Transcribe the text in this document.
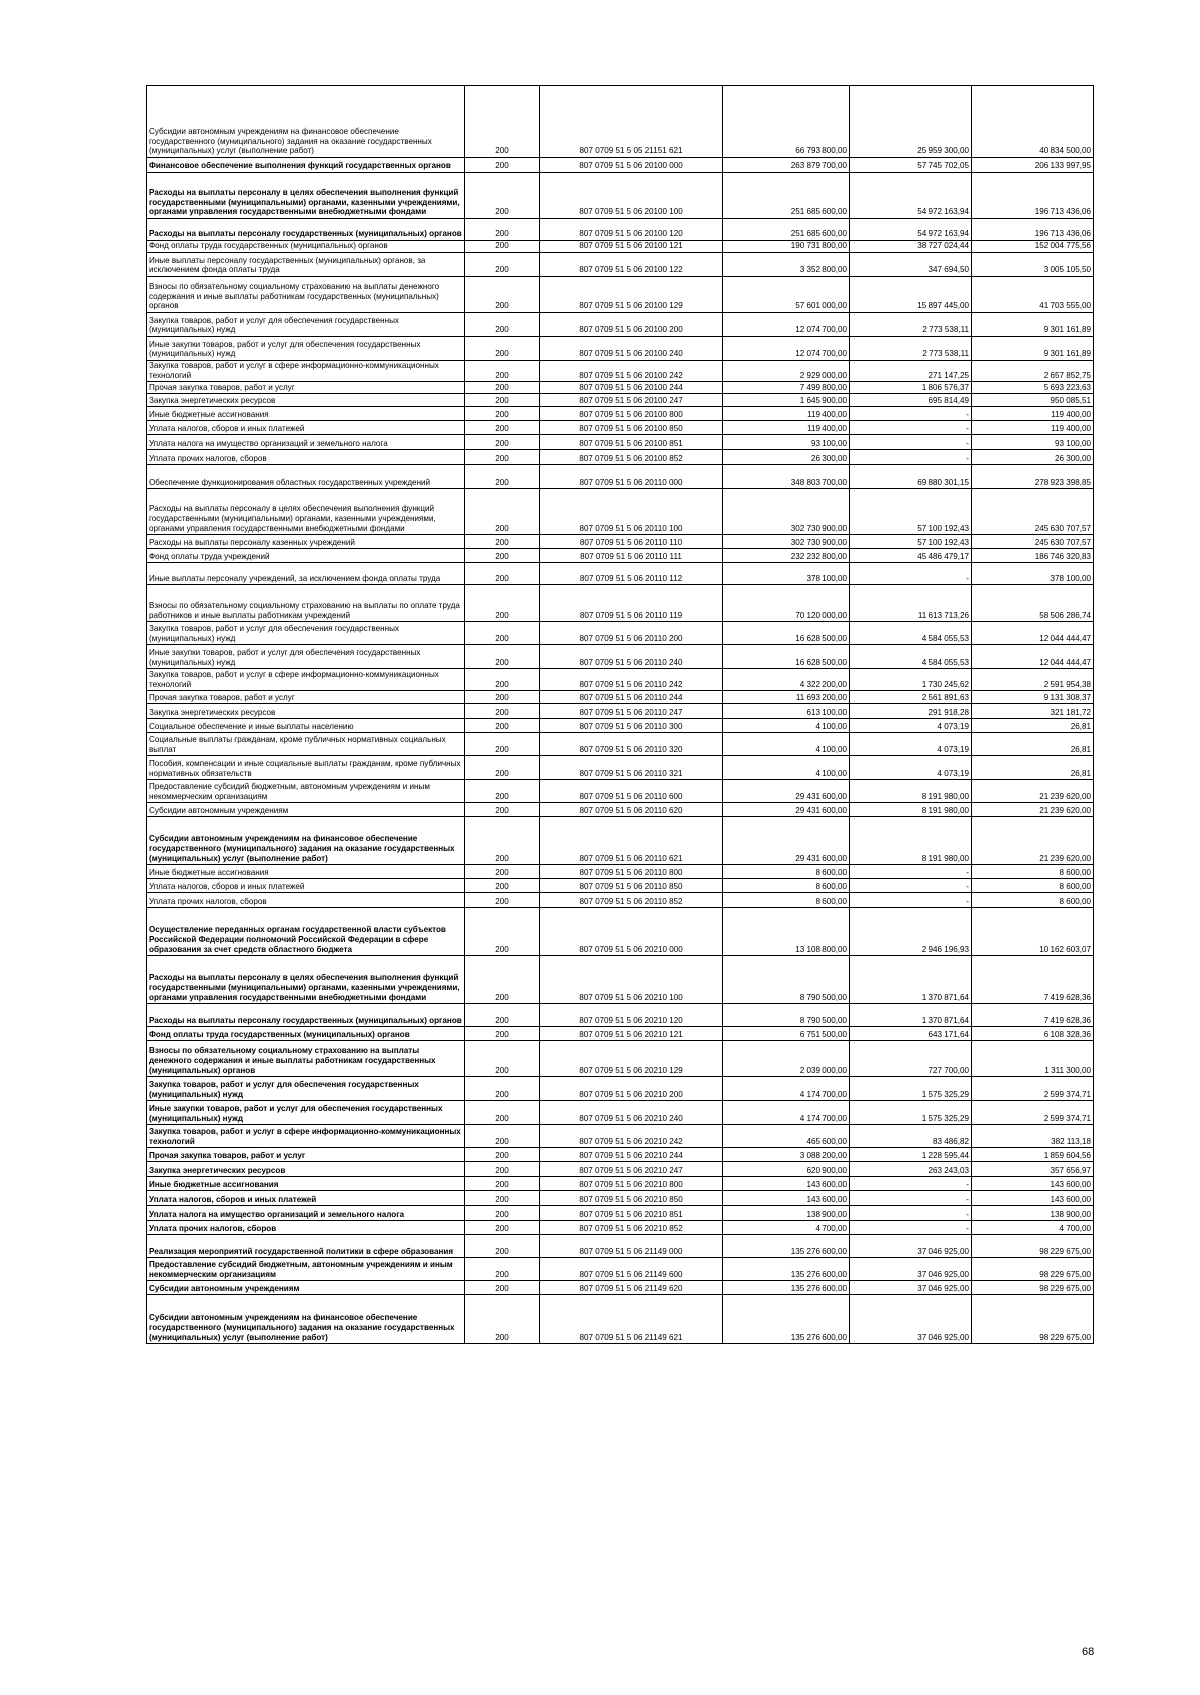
Субсидии автономным учреждениям на финансовое обеспечение государственного (муниципального) задания на оказание государственных (муниципальных) услуг (выполнение работ)	200	807 0709 51 5 05 21151 621	66 793 800,00	25 959 300,00	40 834 500,00
Финансовое обеспечение выполнения функций государственных органов	200	807 0709 51 5 06 20100 000	263 879 700,00	57 745 702,05	206 133 997,95
Расходы на выплаты персоналу в целях обеспечения выполнения функций государственными (муниципальными) органами, казенными учреждениями, органами управления государственными внебюджетными фондами	200	807 0709 51 5 06 20100 100	251 685 600,00	54 972 163,94	196 713 436,06
Расходы на выплаты персоналу государственных (муниципальных) органов	200	807 0709 51 5 06 20100 120	251 685 600,00	54 972 163,94	196 713 436,06
Фонд оплаты труда государственных (муниципальных) органов	200	807 0709 51 5 06 20100 121	190 731 800,00	38 727 024,44	152 004 775,56
Иные выплаты персоналу государственных (муниципальных) органов, за исключением фонда оплаты труда	200	807 0709 51 5 06 20100 122	3 352 800,00	347 694,50	3 005 105,50
Взносы по обязательному социальному страхованию на выплаты денежного содержания и иные выплаты работникам государственных (муниципальных) органов	200	807 0709 51 5 06 20100 129	57 601 000,00	15 897 445,00	41 703 555,00
Закупка товаров, работ и услуг для обеспечения государственных (муниципальных) нужд	200	807 0709 51 5 06 20100 200	12 074 700,00	2 773 538,11	9 301 161,89
Иные закупки товаров, работ и услуг для обеспечения государственных (муниципальных) нужд	200	807 0709 51 5 06 20100 240	12 074 700,00	2 773 538,11	9 301 161,89
Закупка товаров, работ и услуг в сфере информационно-коммуникационных технологий	200	807 0709 51 5 06 20100 242	2 929 000,00	271 147,25	2 657 852,75
Прочая закупка товаров, работ и услуг	200	807 0709 51 5 06 20100 244	7 499 800,00	1 806 576,37	5 693 223,63
Закупка энергетических ресурсов	200	807 0709 51 5 06 20100 247	1 645 900,00	695 814,49	950 085,51
Иные бюджетные ассигнования	200	807 0709 51 5 06 20100 800	119 400,00	-	119 400,00
Уплата налогов, сборов и иных платежей	200	807 0709 51 5 06 20100 850	119 400,00	-	119 400,00
Уплата налога на имущество организаций и земельного налога	200	807 0709 51 5 06 20100 851	93 100,00	-	93 100,00
Уплата прочих налогов, сборов	200	807 0709 51 5 06 20100 852	26 300,00	-	26 300,00
Обеспечение функционирования областных государственных учреждений	200	807 0709 51 5 06 20110 000	348 803 700,00	69 880 301,15	278 923 398,85
Расходы на выплаты персоналу в целях обеспечения выполнения функций государственными (муниципальными) органами, казенными учреждениями, органами управления государственными внебюджетными фондами	200	807 0709 51 5 06 20110 100	302 730 900,00	57 100 192,43	245 630 707,57
Расходы на выплаты персоналу казенных учреждений	200	807 0709 51 5 06 20110 110	302 730 900,00	57 100 192,43	245 630 707,57
Фонд оплаты труда учреждений	200	807 0709 51 5 06 20110 111	232 232 800,00	45 486 479,17	186 746 320,83
Иные выплаты персоналу учреждений, за исключением фонда оплаты труда	200	807 0709 51 5 06 20110 112	378 100,00	-	378 100,00
Взносы по обязательному социальному страхованию на выплаты по оплате труда работников и иные выплаты работникам учреждений	200	807 0709 51 5 06 20110 119	70 120 000,00	11 613 713,26	58 506 286,74
Закупка товаров, работ и услуг для обеспечения государственных (муниципальных) нужд	200	807 0709 51 5 06 20110 200	16 628 500,00	4 584 055,53	12 044 444,47
Иные закупки товаров, работ и услуг для обеспечения государственных (муниципальных) нужд	200	807 0709 51 5 06 20110 240	16 628 500,00	4 584 055,53	12 044 444,47
Закупка товаров, работ и услуг в сфере информационно-коммуникационных технологий	200	807 0709 51 5 06 20110 242	4 322 200,00	1 730 245,62	2 591 954,38
Прочая закупка товаров, работ и услуг	200	807 0709 51 5 06 20110 244	11 693 200,00	2 561 891,63	9 131 308,37
Закупка энергетических ресурсов	200	807 0709 51 5 06 20110 247	613 100,00	291 918,28	321 181,72
Социальное обеспечение и иные выплаты населению	200	807 0709 51 5 06 20110 300	4 100,00	4 073,19	26,81
Социальные выплаты гражданам, кроме публичных нормативных социальных выплат	200	807 0709 51 5 06 20110 320	4 100,00	4 073,19	26,81
Пособия, компенсации и иные социальные выплаты гражданам, кроме публичных нормативных обязательств	200	807 0709 51 5 06 20110 321	4 100,00	4 073,19	26,81
Предоставление субсидий бюджетным, автономным учреждениям и иным некоммерческим организациям	200	807 0709 51 5 06 20110 600	29 431 600,00	8 191 980,00	21 239 620,00
Субсидии автономным учреждениям	200	807 0709 51 5 06 20110 620	29 431 600,00	8 191 980,00	21 239 620,00
Субсидии автономным учреждениям на финансовое обеспечение государственного (муниципального) задания на оказание государственных (муниципальных) услуг (выполнение работ)	200	807 0709 51 5 06 20110 621	29 431 600,00	8 191 980,00	21 239 620,00
Иные бюджетные ассигнования	200	807 0709 51 5 06 20110 800	8 600,00	-	8 600,00
Уплата налогов, сборов и иных платежей	200	807 0709 51 5 06 20110 850	8 600,00	-	8 600,00
Уплата прочих налогов, сборов	200	807 0709 51 5 06 20110 852	8 600,00	-	8 600,00
Осуществление переданных органам государственной власти субъектов Российской Федерации полномочий Российской Федерации в сфере образования за счет средств областного бюджета	200	807 0709 51 5 06 20210 000	13 108 800,00	2 946 196,93	10 162 603,07
Расходы на выплаты персоналу в целях обеспечения выполнения функций государственными (муниципальными) органами, казенными учреждениями, органами управления государственными внебюджетными фондами	200	807 0709 51 5 06 20210 100	8 790 500,00	1 370 871,64	7 419 628,36
Расходы на выплаты персоналу государственных (муниципальных) органов	200	807 0709 51 5 06 20210 120	8 790 500,00	1 370 871,64	7 419 628,36
Фонд оплаты труда государственных (муниципальных) органов	200	807 0709 51 5 06 20210 121	6 751 500,00	643 171,64	6 108 328,36
Взносы по обязательному социальному страхованию на выплаты денежного содержания и иные выплаты работникам государственных (муниципальных) органов	200	807 0709 51 5 06 20210 129	2 039 000,00	727 700,00	1 311 300,00
Закупка товаров, работ и услуг для обеспечения государственных (муниципальных) нужд	200	807 0709 51 5 06 20210 200	4 174 700,00	1 575 325,29	2 599 374,71
Иные закупки товаров, работ и услуг для обеспечения государственных (муниципальных) нужд	200	807 0709 51 5 06 20210 240	4 174 700,00	1 575 325,29	2 599 374,71
Закупка товаров, работ и услуг в сфере информационно-коммуникационных технологий	200	807 0709 51 5 06 20210 242	465 600,00	83 486,82	382 113,18
Прочая закупка товаров, работ и услуг	200	807 0709 51 5 06 20210 244	3 088 200,00	1 228 595,44	1 859 604,56
Закупка энергетических ресурсов	200	807 0709 51 5 06 20210 247	620 900,00	263 243,03	357 656,97
Иные бюджетные ассигнования	200	807 0709 51 5 06 20210 800	143 600,00	-	143 600,00
Уплата налогов, сборов и иных платежей	200	807 0709 51 5 06 20210 850	143 600,00	-	143 600,00
Уплата налога на имущество организаций и земельного налога	200	807 0709 51 5 06 20210 851	138 900,00	-	138 900,00
Уплата прочих налогов, сборов	200	807 0709 51 5 06 20210 852	4 700,00	-	4 700,00
Реализация мероприятий государственной политики в сфере образования	200	807 0709 51 5 06 21149 000	135 276 600,00	37 046 925,00	98 229 675,00
Предоставление субсидий бюджетным, автономным учреждениям и иным некоммерческим организациям	200	807 0709 51 5 06 21149 600	135 276 600,00	37 046 925,00	98 229 675,00
Субсидии автономным учреждениям	200	807 0709 51 5 06 21149 620	135 276 600,00	37 046 925,00	98 229 675,00
Субсидии автономным учреждениям на финансовое обеспечение государственного (муниципального) задания на оказание государственных (муниципальных) услуг (выполнение работ)	200	807 0709 51 5 06 21149 621	135 276 600,00	37 046 925,00	98 229 675,00
68
